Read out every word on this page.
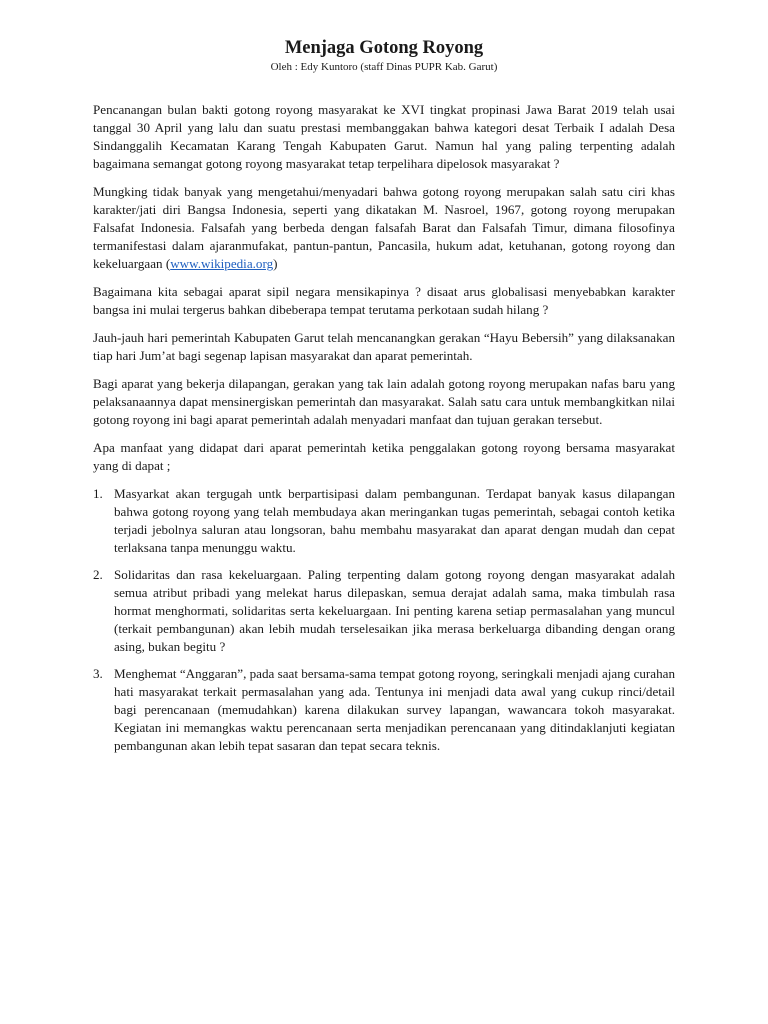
Menjaga Gotong Royong
Oleh : Edy Kuntoro (staff Dinas PUPR Kab. Garut)

Pencanangan bulan bakti gotong royong masyarakat ke XVI tingkat propinasi Jawa Barat 2019 telah usai tanggal 30 April yang lalu dan suatu prestasi membanggakan bahwa kategori desat Terbaik I adalah Desa Sindanggalih Kecamatan Karang Tengah Kabupaten Garut. Namun hal yang paling terpenting adalah bagaimana semangat gotong royong masyarakat tetap terpelihara dipelosok masyarakat ?

Mungking tidak banyak yang mengetahui/menyadari bahwa gotong royong merupakan salah satu ciri khas karakter/jati diri Bangsa Indonesia, seperti yang dikatakan M. Nasroel, 1967, gotong royong merupakan Falsafat Indonesia. Falsafah yang berbeda dengan falsafah Barat dan Falsafah Timur, dimana filosofinya termanifestasi dalam ajaranmufakat, pantun-pantun, Pancasila, hukum adat, ketuhanan, gotong royong dan kekeluargaan (www.wikipedia.org)

Bagaimana kita sebagai aparat sipil negara mensikapinya ? disaat arus globalisasi menyebabkan karakter bangsa ini mulai tergerus bahkan dibeberapa tempat terutama perkotaan sudah hilang ?

Jauh-jauh hari pemerintah Kabupaten Garut telah mencanangkan gerakan “Hayu Bebersih” yang dilaksanakan tiap hari Jum’at bagi segenap lapisan masyarakat dan aparat pemerintah.

Bagi aparat yang bekerja dilapangan, gerakan yang tak lain adalah gotong royong merupakan nafas baru yang pelaksanaannya dapat mensinergiskan pemerintah dan masyarakat. Salah satu cara untuk membangkitkan nilai gotong royong ini bagi aparat pemerintah adalah menyadari manfaat dan tujuan gerakan tersebut.

Apa manfaat yang didapat dari aparat pemerintah ketika penggalakan gotong royong bersama masyarakat yang di dapat ;

1. Masyarkat akan tergugah untk berpartisipasi dalam pembangunan. Terdapat banyak kasus dilapangan bahwa gotong royong yang telah membudaya akan meringankan tugas pemerintah, sebagai contoh ketika terjadi jebolnya saluran atau longsoran, bahu membahu masyarakat dan aparat dengan mudah dan cepat terlaksana tanpa menunggu waktu.
2. Solidaritas dan rasa kekeluargaan. Paling terpenting dalam gotong royong dengan masyarakat adalah semua atribut pribadi yang melekat harus dilepaskan, semua derajat adalah sama, maka timbulah rasa hormat menghormati, solidaritas serta kekeluargaan. Ini penting karena setiap permasalahan yang muncul (terkait pembangunan) akan lebih mudah terselesaikan jika merasa berkeluarga dibanding dengan orang asing, bukan begitu ?
3. Menghemat “Anggaran”, pada saat bersama-sama tempat gotong royong, seringkali menjadi ajang curahan hati masyarakat terkait permasalahan yang ada. Tentunya ini menjadi data awal yang cukup rinci/detail bagi perencanaan (memudahkan) karena dilakukan survey lapangan, wawancara tokoh masyarakat. Kegiatan ini memangkas waktu perencanaan serta menjadikan perencanaan yang ditindaklanjuti kegiatan pembangunan akan lebih tepat sasaran dan tepat secara teknis.
